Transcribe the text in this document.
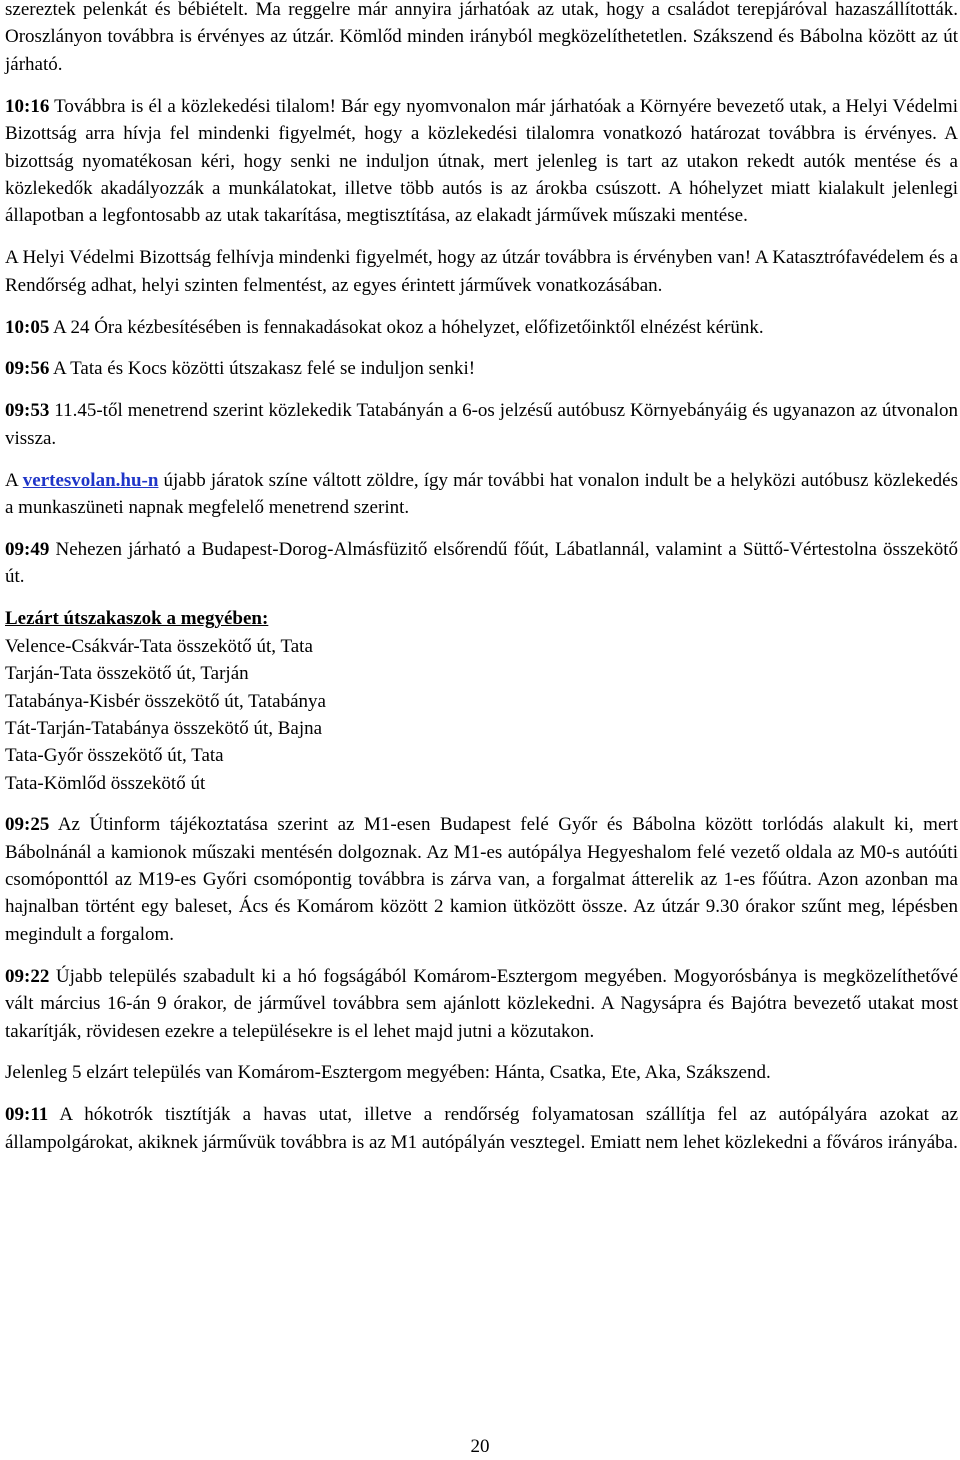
szereztek pelenkát és bébiételt. Ma reggelre már annyira járhatóak az utak, hogy a családot terepjáróval hazaszállították. Oroszlányon továbbra is érvényes az útzár. Kömlőd minden irányból megközelíthetetlen. Szákszend és Bábolna között az út járható.

10:16 Továbbra is él a közlekedési tilalom! Bár egy nyomvonalon már járhatóak a Környére bevezető utak, a Helyi Védelmi Bizottság arra hívja fel mindenki figyelmét, hogy a közlekedési tilalomra vonatkozó határozat továbbra is érvényes. A bizottság nyomatékosan kéri, hogy senki ne induljon útnak, mert jelenleg is tart az utakon rekedt autók mentése és a közlekedők akadályozzák a munkálatokat, illetve több autós is az árokba csúszott. A hóhelyzet miatt kialakult jelenlegi állapotban a legfontosabb az utak takarítása, megtisztítása, az elakadt járművek műszaki mentése.

A Helyi Védelmi Bizottság felhívja mindenki figyelmét, hogy az útzár továbbra is érvényben van! A Katasztrófavédelem és a Rendőrség adhat, helyi szinten felmentést, az egyes érintett járművek vonatkozásában.

10:05 A 24 Óra kézbesítésében is fennakadásokat okoz a hóhelyzet, előfizetőinktől elnézést kérünk.

09:56 A Tata és Kocs közötti útszakasz felé se induljon senki!

09:53 11.45-től menetrend szerint közlekedik Tatabányán a 6-os jelzésű autóbusz Környebányáig és ugyanazon az útvonalon vissza.

A vertesvolan.hu-n újabb járatok színe váltott zöldre, így már további hat vonalon indult be a helyközi autóbusz közlekedés a munkaszüneti napnak megfelelő menetrend szerint.

09:49 Nehezen járható a Budapest-Dorog-Almásfüzitő elsőrendű főút, Lábatlannál, valamint a Süttő-Vértestolna összekötő út.

Lezárt útszakaszok a megyében:
Velence-Csákvár-Tata összekötő út, Tata
Tarján-Tata összekötő út, Tarján
Tatabánya-Kisbér összekötő út, Tatabánya
Tát-Tarján-Tatabánya összekötő út, Bajna
Tata-Győr összekötő út, Tata
Tata-Kömlőd összekötő út

09:25 Az Útinform tájékoztatása szerint az M1-esen Budapest felé Győr és Bábolna között torlódás alakult ki, mert Bábolnánál a kamionok műszaki mentésén dolgoznak. Az M1-es autópálya Hegyeshalom felé vezető oldala az M0-s autóúti csomóponttól az M19-es Győri csomópontig továbbra is zárva van, a forgalmat átterelik az 1-es főútra. Azon azonban ma hajnalban történt egy baleset, Ács és Komárom között 2 kamion ütközött össze. Az útzár 9.30 órakor szűnt meg, lépésben megindult a forgalom.

09:22 Újabb település szabadult ki a hó fogságából Komárom-Esztergom megyében. Mogyorósbánya is megközelíthetővé vált március 16-án 9 órakor, de járművel továbbra sem ajánlott közlekedni. A Nagysápra és Bajótra bevezető utakat most takarítják, rövidesen ezekre a településekre is el lehet majd jutni a közutakon.

Jelenleg 5 elzárt település van Komárom-Esztergom megyében: Hánta, Csatka, Ete, Aka, Szákszend.

09:11 A hókotrók tisztítják a havas utat, illetve a rendőrség folyamatosan szállítja fel az autópályára azokat az állampolgárokat, akiknek járművük továbbra is az M1 autópályán vesztegel. Emiatt nem lehet közlekedni a főváros irányába.

20
